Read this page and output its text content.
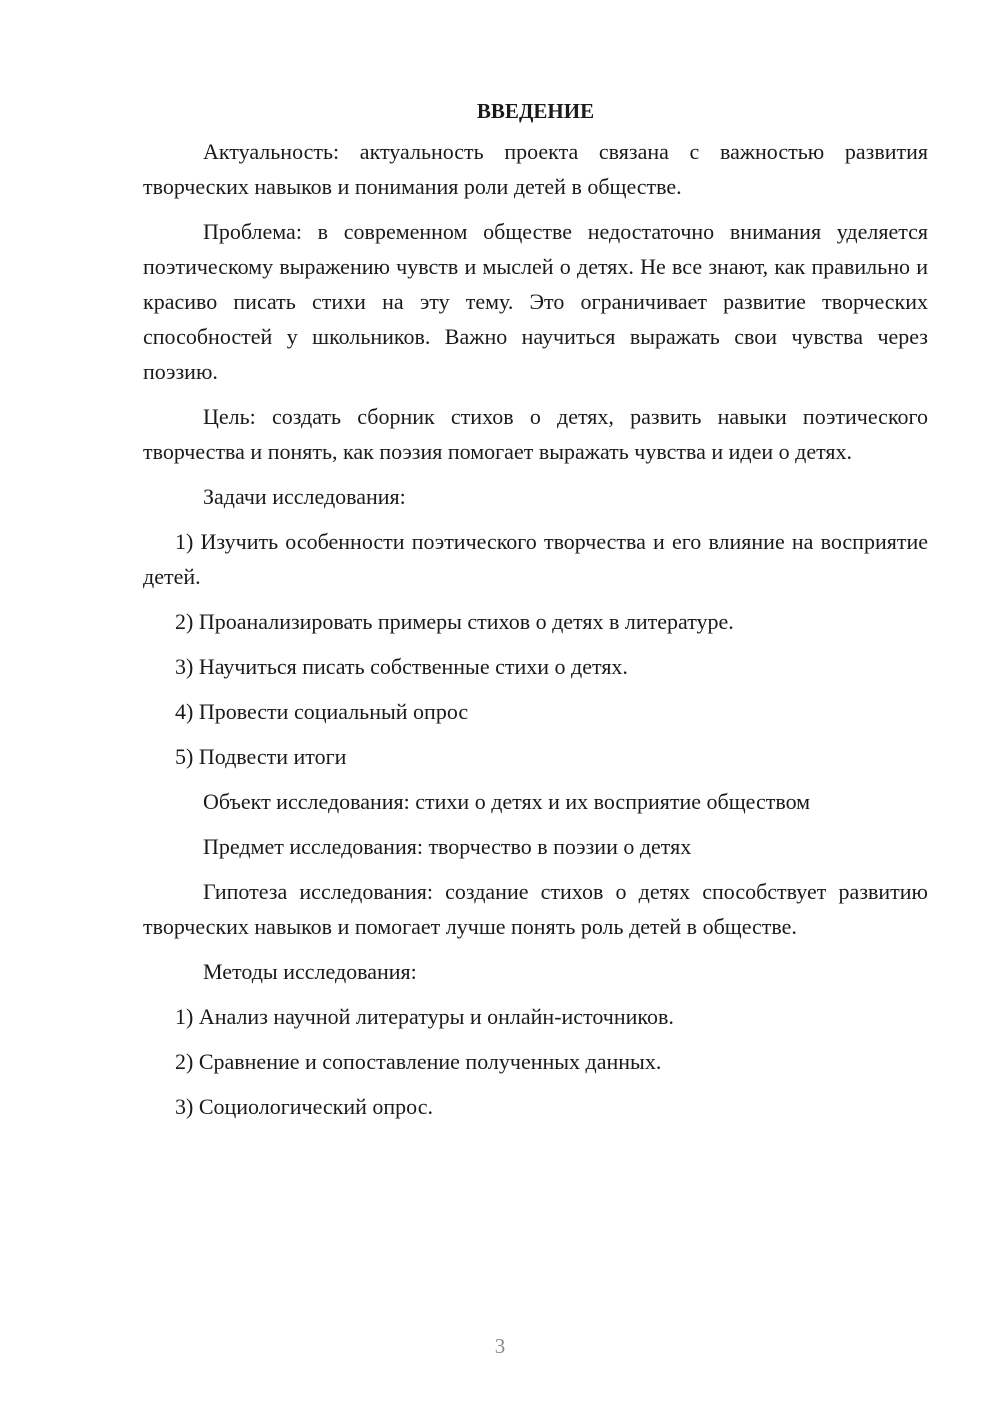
ВВЕДЕНИЕ

Актуальность: актуальность проекта связана с важностью развития творческих навыков и понимания роли детей в обществе.

Проблема: в современном обществе недостаточно внимания уделяется поэтическому выражению чувств и мыслей о детях. Не все знают, как правильно и красиво писать стихи на эту тему. Это ограничивает развитие творческих способностей у школьников. Важно научиться выражать свои чувства через поэзию.

Цель: создать сборник стихов о детях, развить навыки поэтического творчества и понять, как поэзия помогает выражать чувства и идеи о детях.

Задачи исследования:

1) Изучить особенности поэтического творчества и его влияние на восприятие детей.

2) Проанализировать примеры стихов о детях в литературе.

3) Научиться писать собственные стихи о детях.

4) Провести социальный опрос

5) Подвести итоги

Объект исследования: стихи о детях и их восприятие обществом

Предмет исследования: творчество в поэзии о детях

Гипотеза исследования: создание стихов о детях способствует развитию творческих навыков и помогает лучше понять роль детей в обществе.

Методы исследования:

1) Анализ научной литературы и онлайн-источников.

2) Сравнение и сопоставление полученных данных.

3) Социологический опрос.

3
